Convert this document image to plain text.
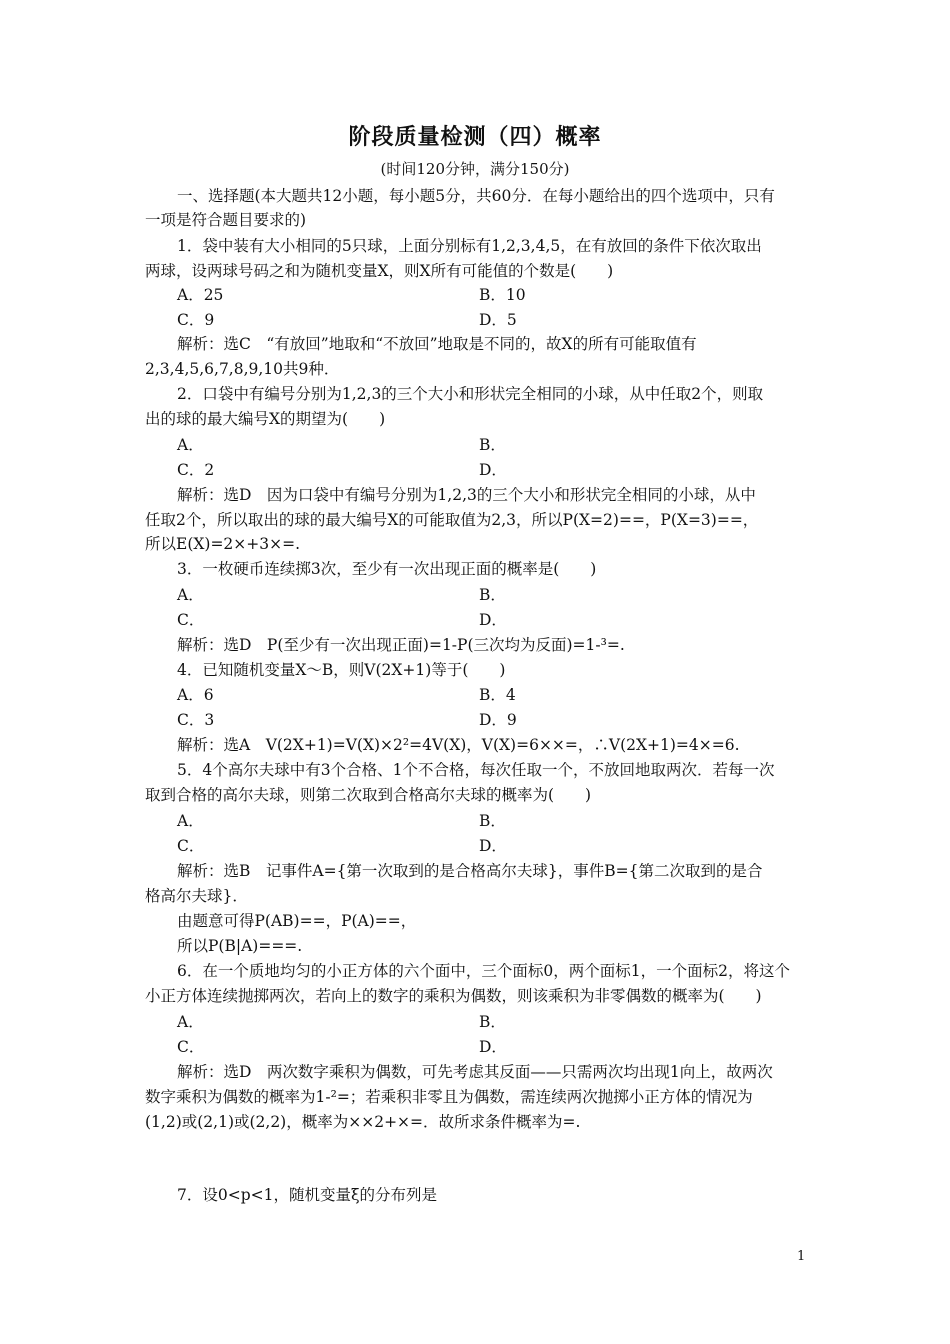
阶段质量检测（四）概率
(时间120分钟，满分150分)
一、选择题(本大题共12小题，每小题5分，共60分．在每小题给出的四个选项中，只有
一项是符合题目要求的)
1．袋中装有大小相同的5只球，上面分别标有1,2,3,4,5，在有放回的条件下依次取出
两球，设两球号码之和为随机变量X，则X所有可能值的个数是(　　)
A．25	B．10
C．9	D．5
解析：选C　“有放回”地取和“不放回”地取是不同的，故X的所有可能取值有
2,3,4,5,6,7,8,9,10共9种．
2．口袋中有编号分别为1,2,3的三个大小和形状完全相同的小球，从中任取2个，则取
出的球的最大编号X的期望为(　　)
A．	B．
C．2	D．
解析：选D　因为口袋中有编号分别为1,2,3的三个大小和形状完全相同的小球，从中
任取2个，所以取出的球的最大编号X的可能取值为2,3，所以P(X=2)==，P(X=3)==，
所以E(X)=2×+3×=.
3．一枚硬币连续掷3次，至少有一次出现正面的概率是(　　)
A．	B．
C．	D．
解析：选D　P(至少有一次出现正面)=1-P(三次均为反面)=1-³=.
4．已知随机变量X～B，则V(2X+1)等于(　　)
A．6	B．4
C．3	D．9
解析：选A　V(2X+1)=V(X)×2²=4V(X)，V(X)=6××=，∴V(2X+1)=4×=6.
5．4个高尔夫球中有3个合格、1个不合格，每次任取一个，不放回地取两次．若每一次
取到合格的高尔夫球，则第二次取到合格高尔夫球的概率为(　　)
A．	B．
C．	D．
解析：选B　记事件A={第一次取到的是合格高尔夫球}，事件B={第二次取到的是合
格高尔夫球}．
由题意可得P(AB)==，P(A)==，
所以P(B|A)===.
6．在一个质地均匀的小正方体的六个面中，三个面标0，两个面标1，一个面标2，将这个
小正方体连续抛掷两次，若向上的数字的乘积为偶数，则该乘积为非零偶数的概率为(　　)
A．	B．
C．	D．
解析：选D　两次数字乘积为偶数，可先考虑其反面——只需两次均出现1向上，故两次
数字乘积为偶数的概率为1-²=；若乘积非零且为偶数，需连续两次抛掷小正方体的情况为
(1,2)或(2,1)或(2,2)，概率为××2+×=．故所求条件概率为=.
7．设0<p<1，随机变量ξ的分布列是
1
